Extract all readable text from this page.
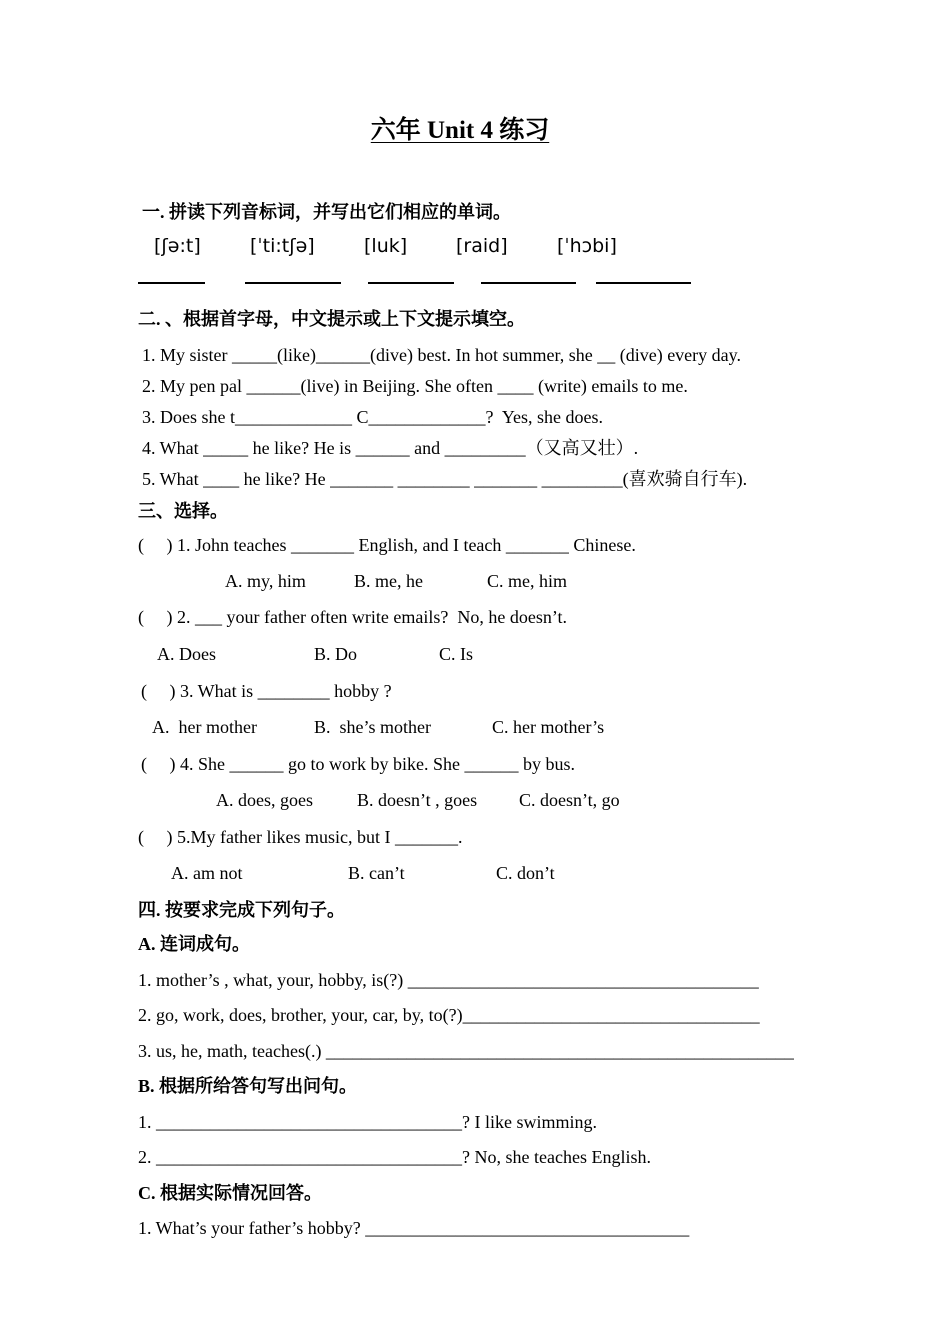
六年 Unit 4 练习
一. 拼读下列音标词，并写出它们相应的单词。
[ʃə:t]	[ˈti:tʃə]	[luk]	[raid]	[ˈhɔbi]
二. 、根据首字母，中文提示或上下文提示填空。
1. My sister _____(like)______(dive) best. In hot summer, she __ (dive) every day.
2. My pen pal ______(live) in Beijing. She often ____ (write) emails to me.
3. Does she t_____________ C_____________?  Yes, she does.
4. What _____ he like? He is ______ and _________（又高又壮）.
5. What ____ he like? He _______ ________ _______ _________(喜欢骑自行车).
三、选择。
(     ) 1. John teaches _______ English, and I teach _______ Chinese.
A. my, him	B. me, he	C. me, him
(     ) 2. ___ your father often write emails?  No, he doesn’t.
A. Does	B. Do	C. Is
(     ) 3. What is ________ hobby ?
A.  her mother	B.  she’s mother	C. her mother’s
(     ) 4. She ______ go to work by bike. She ______ by bus.
A. does, goes B. doesn’t , goes C. doesn’t, go
(     ) 5.My father likes music, but I _______.
A. am not	B. can’t	C. don’t
四. 按要求完成下列句子。
A. 连词成句。
1. mother’s , what, your, hobby, is(?) _______________________________________
2. go, work, does, brother, your, car, by, to(?)_________________________________
3. us, he, math, teaches(.) ____________________________________________________
B. 根据所给答句写出问句。
1. __________________________________? I like swimming.
2. __________________________________? No, she teaches English.
C. 根据实际情况回答。
1. What’s your father’s hobby? ____________________________________
